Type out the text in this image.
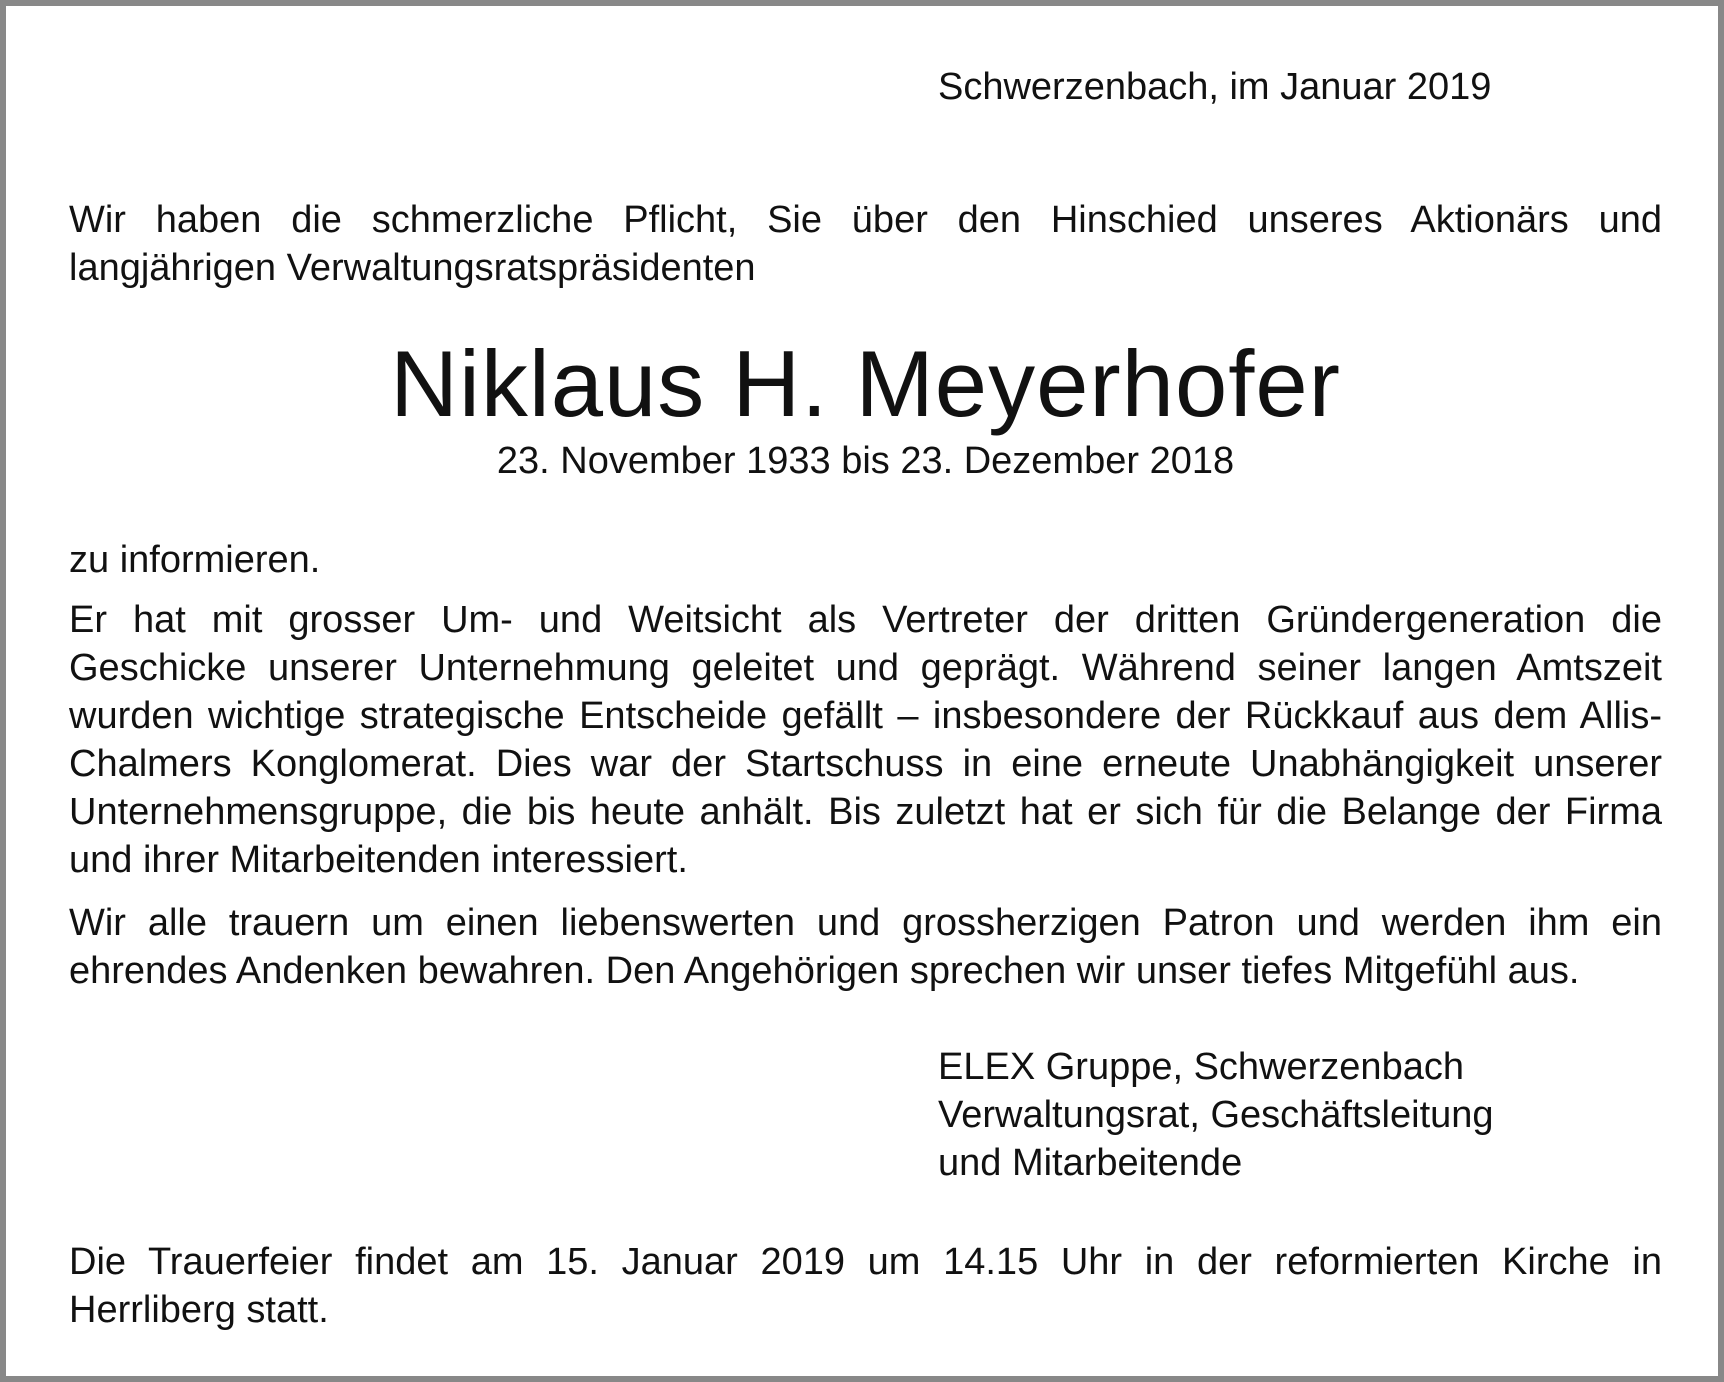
Schwerzenbach, im Januar 2019

Wir haben die schmerzliche Pflicht, Sie über den Hinschied unseres Aktionärs und langjährigen Verwaltungsratspräsidenten

Niklaus H. Meyerhofer

23. November 1933 bis 23. Dezember 2018

zu informieren.

Er hat mit grosser Um- und Weitsicht als Vertreter der dritten Gründergeneration die Geschicke unserer Unternehmung geleitet und geprägt. Während seiner langen Amtszeit wurden wichtige strategische Entscheide gefällt – insbesondere der Rückkauf aus dem Allis-Chalmers Konglomerat. Dies war der Startschuss in eine erneute Unabhängigkeit unserer Unternehmensgruppe, die bis heute anhält. Bis zuletzt hat er sich für die Belange der Firma und ihrer Mitarbeitenden interessiert.

Wir alle trauern um einen liebenswerten und grossherzigen Patron und werden ihm ein ehrendes Andenken bewahren. Den Angehörigen sprechen wir unser tiefes Mitgefühl aus.

ELEX Gruppe, Schwerzenbach
Verwaltungsrat, Geschäftsleitung
und Mitarbeitende

Die Trauerfeier findet am 15. Januar 2019 um 14.15 Uhr in der reformierten Kirche in Herrliberg statt.
